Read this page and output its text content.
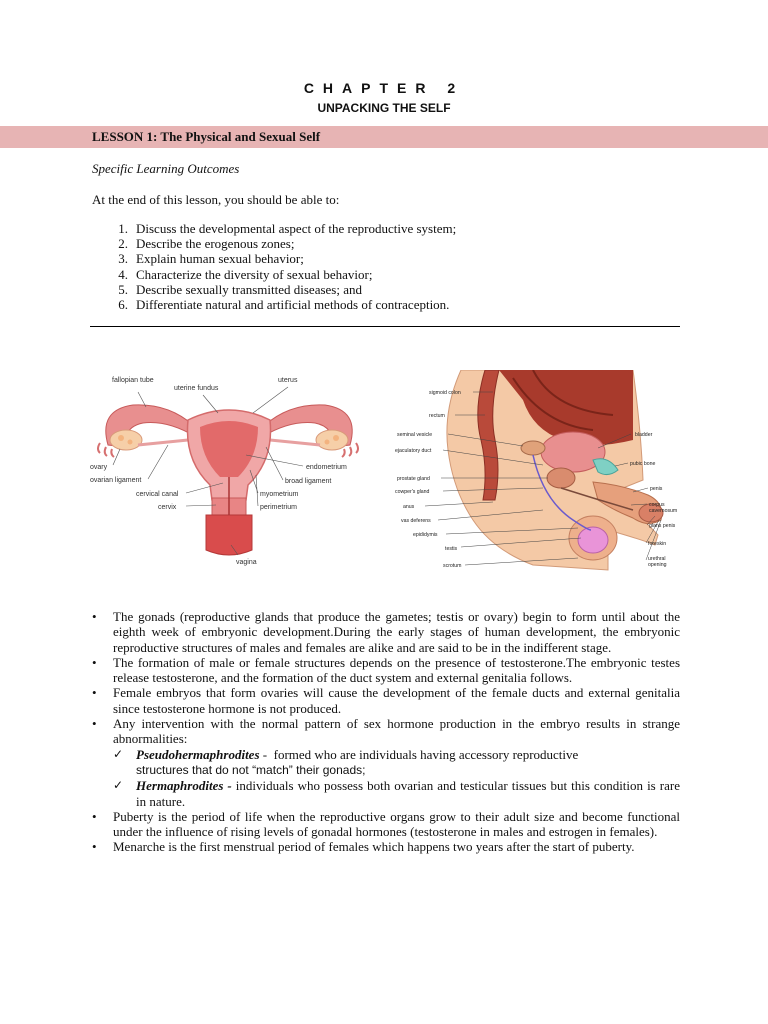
CHAPTER 2
UNPACKING THE SELF
LESSON 1: The Physical and Sexual Self
Specific Learning Outcomes
At the end of this lesson, you should be able to:
1. Discuss the developmental aspect of the reproductive system;
2. Describe the erogenous zones;
3. Explain human sexual behavior;
4. Characterize the diversity of sexual behavior;
5. Describe sexually transmitted diseases; and
6. Differentiate natural and artificial methods of contraception.
fallopian tube
uterine fundus
uterus
ovary
ovarian ligament
cervical canal
cervix
endometrium
broad ligament
myometrium
perimetrium
vagina
sigmoid colon
rectum
seminal vesicle
ejaculatory duct
prostate gland
cowper's gland
anus
vas deferens
epididymis
testis
scrotum
bladder
pubic bone
penis
corpus
cavernosum
glans penis
foreskin
urethral
opening
• The gonads (reproductive glands that produce the gametes; testis or ovary) begin to form until about the eighth week of embryonic development.During the early stages of human development, the embryonic reproductive structures of males and females are alike and are said to be in the indifferent stage.
• The formation of male or female structures depends on the presence of testosterone.The embryonic testes release testosterone, and the formation of the duct system and external genitalia follows.
• Female embryos that form ovaries will cause the development of the female ducts and external genitalia since testosterone hormone is not produced.
• Any intervention with the normal pattern of sex hormone production in the embryo results in strange abnormalities:
✓ Pseudohermaphrodites -  formed who are individuals having accessory reproductive
structures that do not “match” their gonads;
✓ Hermaphrodites - individuals who possess both ovarian and testicular tissues but this condition is rare in nature.
• Puberty is the period of life when the reproductive organs grow to their adult size and become functional under the influence of rising levels of gonadal hormones (testosterone in males and estrogen in females).
• Menarche is the first menstrual period of females which happens two years after the start of puberty.
